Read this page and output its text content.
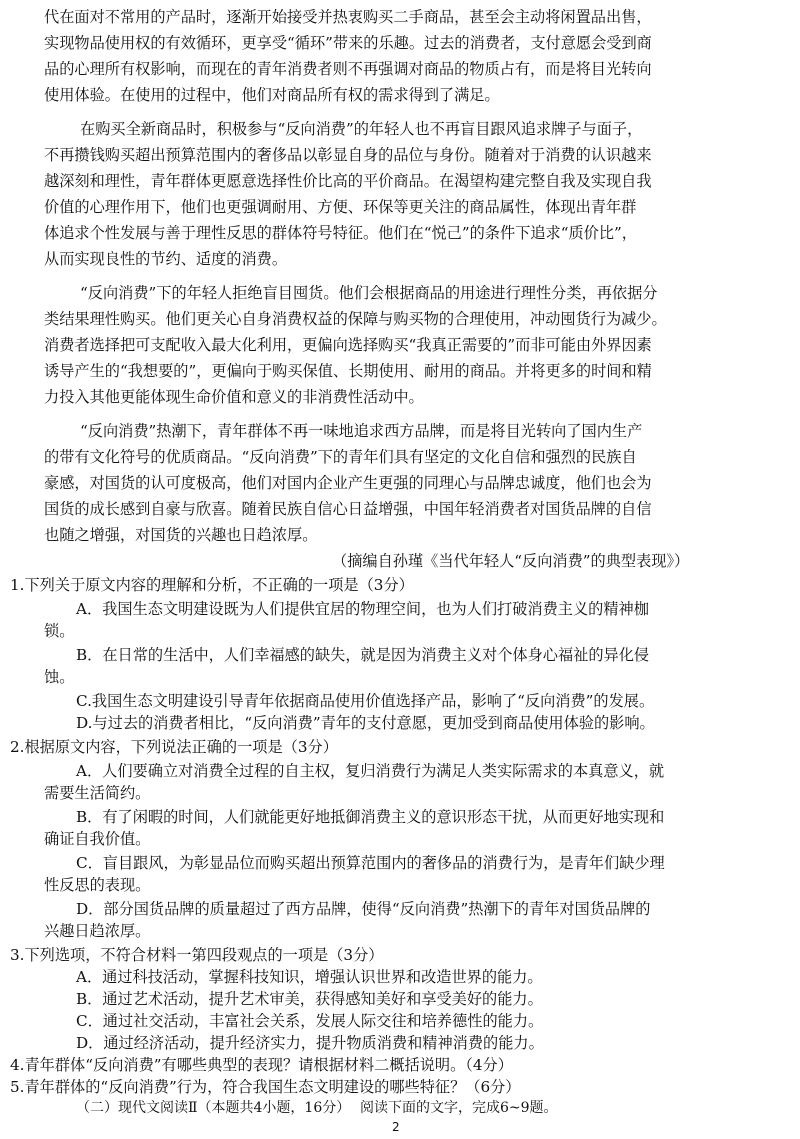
代在面对不常用的产品时，逐渐开始接受并热衷购买二手商品，甚至会主动将闲置品出售，
实现物品使用权的有效循环，更享受“循环”带来的乐趣。过去的消费者，支付意愿会受到商
品的心理所有权影响，而现在的青年消费者则不再强调对商品的物质占有，而是将目光转向
使用体验。在使用的过程中，他们对商品所有权的需求得到了满足。
在购买全新商品时，积极参与“反向消费”的年轻人也不再盲目跟风追求牌子与面子，
不再攒钱购买超出预算范围内的奢侈品以彰显自身的品位与身份。随着对于消费的认识越来
越深刻和理性，青年群体更愿意选择性价比高的平价商品。在渴望构建完整自我及实现自我
价值的心理作用下，他们也更强调耐用、方便、环保等更关注的商品属性，体现出青年群
体追求个性发展与善于理性反思的群体符号特征。他们在“悦己”的条件下追求“质价比”，
从而实现良性的节约、适度的消费。
“反向消费”下的年轻人拒绝盲目囤货。他们会根据商品的用途进行理性分类，再依据分
类结果理性购买。他们更关心自身消费权益的保障与购买物的合理使用，冲动囤货行为减少。
消费者选择把可支配收入最大化利用，更偏向选择购买“我真正需要的”而非可能由外界因素
诱导产生的“我想要的”，更偏向于购买保值、长期使用、耐用的商品。并将更多的时间和精
力投入其他更能体现生命价值和意义的非消费性活动中。
“反向消费”热潮下，青年群体不再一味地追求西方品牌，而是将目光转向了国内生产
的带有文化符号的优质商品。“反向消费”下的青年们具有坚定的文化自信和强烈的民族自
豪感，对国货的认可度极高，他们对国内企业产生更强的同理心与品牌忠诚度，他们也会为
国货的成长感到自豪与欣喜。随着民族自信心日益增强，中国年轻消费者对国货品牌的自信
也随之增强，对国货的兴趣也日趋浓厚。
（摘编自孙瑾《当代年轻人“反向消费”的典型表现》）
1.下列关于原文内容的理解和分析，不正确的一项是（3分）
A．我国生态文明建设既为人们提供宜居的物理空间，也为人们打破消费主义的精神枷
锁。
B．在日常的生活中，人们幸福感的缺失，就是因为消费主义对个体身心福祉的异化侵
蚀。
C.我国生态文明建设引导青年依据商品使用价值选择产品，影响了“反向消费”的发展。
D.与过去的消费者相比，“反向消费”青年的支付意愿，更加受到商品使用体验的影响。
2.根据原文内容，下列说法正确的一项是（3分）
A．人们要确立对消费全过程的自主权，复归消费行为满足人类实际需求的本真意义，就
需要生活简约。
B．有了闲暇的时间，人们就能更好地抵御消费主义的意识形态干扰，从而更好地实现和
确证自我价值。
C．盲目跟风，为彰显品位而购买超出预算范围内的奢侈品的消费行为，是青年们缺少理
性反思的表现。
D．部分国货品牌的质量超过了西方品牌，使得“反向消费”热潮下的青年对国货品牌的
兴趣日趋浓厚。
3.下列选项，不符合材料一第四段观点的一项是（3分）
A．通过科技活动，掌握科技知识，增强认识世界和改造世界的能力。
B．通过艺术活动，提升艺术审美，获得感知美好和享受美好的能力。
C．通过社交活动，丰富社会关系，发展人际交往和培养德性的能力。
D．通过经济活动，提升经济实力，提升物质消费和精神消费的能力。
4.青年群体“反向消费”有哪些典型的表现？请根据材料二概括说明。（4分）
5.青年群体的“反向消费”行为，符合我国生态文明建设的哪些特征？（6分）
（二）现代文阅读Ⅱ（本题共4小题，16分） 阅读下面的文字，完成6~9题。
2
